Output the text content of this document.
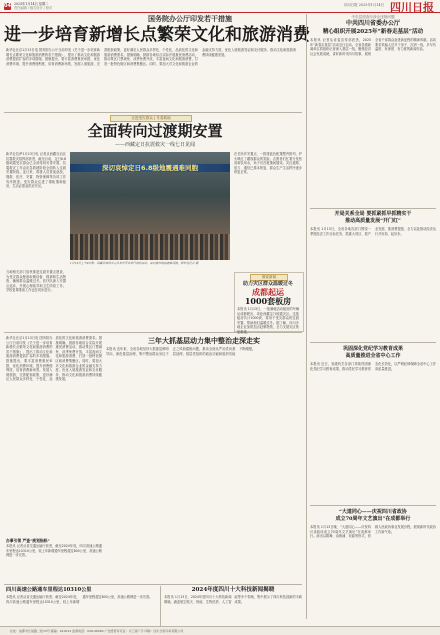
04 2025年1月14日 星期二
责任编辑 / 版式设计 / 校对
四川日报 2025年1月14日 四川日报
国务院办公厅印发若干措施
进一步培育新增长点繁荣文化和旅游消费
新华社北京1月13日电 国务院办公厅日前印发《关于进一步培育新增长点繁荣文化和旅游消费的若干措施》，提出了推动文化和旅游消费提质扩容的多项措施。措施提出，要丰富消费惠民举措，优化消费环境，提升消费便利度，培育消费新场景，发展入境旅游，完善配套政策，更好满足人民群众多样化、个性化、品质化的文化和旅游消费需求。措施明确，鼓励各地结合实际开展惠民消费活动，推动景区门票减免、淡季免费开放，丰富夜间文化和旅游消费，打造一批特色街区和消费集聚区。同时，要加大对文化和旅游企业的金融支持力度，优化入境旅游签证和支付服务，推动文化和旅游消费持续健康发展。
走进受灾群众 | 冬春救助
全面转向过渡期安置
——西藏定日抗震救灾一线七日见闻
新华社拉萨1月13日电 记者从西藏自治区抗震救灾指挥部获悉，截至目前，定日6.8级地震受灾群众已全部得到妥善安置，抗震救灾工作由应急救援阶段全面转入过渡安置阶段。连日来，救援人员昼夜奋战，搜救、医疗、安置、物资保障等各项工作有序推进。受灾群众住进了棉帐篷和板房，生活必需品供应充足。
深切哀悼定日6.8级地震遇难同胞
1月13日上午9时整，西藏日喀则市定日县长所乡举行哀悼活动，深切哀悼地震遇难同胞。新华社记者 摄
在长所乡安置点，一排排蓝色帐篷整齐排列，炉火映红了藏族群众的笑脸。志愿者们忙着分发热食和饮用水，孩子们在帐篷间嬉戏。灾区道路、电力、通信已基本恢复，群众生产生活秩序逐步恢复正常。
当地相关部门加快推进过渡安置点建设，为受灾群众配备取暖设备、棉被和生活物资，确保群众温暖过冬。医疗队深入安置点巡诊，开展心理疏导和卫生防疫工作。学校复课准备工作也在同步进行。
图说新闻
助力灾区群众温暖过冬
成都起运
1000套板房
本报讯 1月13日，一批满载活动板房的车辆从成都驶出，奔赴西藏定日地震灾区。这批板房共计1000套，将用于受灾群众的过渡安置，帮助他们温暖过冬。据了解，四川多地企业加班加点赶制物资，全力支援灾区恢复重建。
中央层面查办涉企违规问题
中共四川省委办公厅
精心组织开展2025年“新春走基层”活动
本报讯 记者从省委宣传部获悉，2025年“新春走基层”活动近日启动。全省各级新闻单位将组织记者深入基层一线，聚焦经济社会发展成就，讲好新时代四川故事，展现全省干部群众奋进新征程的精神风貌。活动要求采编人员扑下身子、沉到一线，多写有温度、有深度、有力度的新闻作品。
开局关系全局 要抓紧抓早抓精实干
推动高质量发展“开门红”
本报讯 1月13日，全省各地各部门围绕一季度经济工作目标任务，抓重大项目、抓产业发展、抓消费提振，全力以赴推动经济运行开好局、起好步。
巩固深化党纪学习教育成果
高质量推进全省中心工作
本报讯 近日，省级机关各部门持续巩固深化党纪学习教育成果，推动党纪学习教育常态化长效化，以严明纪律保障全省中心工作高质量推进。
“大道同心——庆祝四川省政协
成立70周年文艺演出”在成都举行
本报讯 1月13日晚，“大道同心——庆祝四川省政协成立70周年文艺演出”在成都举行。演出以歌舞、诗朗诵、戏曲等形式，回顾人民政协事业发展历程，展现新时代政协工作新气象。
新华社北京1月13日电 国务院办公厅日前印发《关于进一步培育新增长点繁荣文化和旅游消费的若干措施》，提出了推动文化和旅游消费提质扩容的多项措施。措施提出，要丰富消费惠民举措，优化消费环境，提升消费便利度，培育消费新场景，发展入境旅游，完善配套政策，更好满足人民群众多样化、个性化、品质化的文化和旅游消费需求。措施明确，鼓励各地结合实际开展惠民消费活动，推动景区门票减免、淡季免费开放，丰富夜间文化和旅游消费，打造一批特色街区和消费集聚区。同时，要加大对文化和旅游企业的金融支持力度，优化入境旅游签证和支付服务，推动文化和旅游消费持续健康发展。
办事引领 严查“规划指标”
本报讯 记者从省交通运输厅获悉，截至2024年底，四川高速公路通车里程达10310公里，较上年新增通车里程超过800公里，高速公路网进一步完善。
三年大抓基层动力集中整治走深走实
本报讯 近年来，全省各地坚持大抓基层鲜明导向，深化基层治理，集中整治群众身边不正之风和腐败问题，推动全面从严治党向基层延伸，基层党组织的政治功能和组织功能不断增强。
四川高速公路通车里程达10310公里
本报讯 记者从省交通运输厅获悉，截至2024年底，四川高速公路通车里程达10310公里，较上年新增通车里程超过800公里，高速公路网进一步完善。
2024年度四川十大科技新闻揭晓
本报讯 1月13日，2024年度四川十大科技新闻揭晓。涵盖航空航天、核能、生物医药、人工智能等多个领域，集中展示了四川科技创新的丰硕成果。
社址：成都市红星路二段70号 邮编：610012 监督电话：028-96060 广告经营许可证：川工商广字 印刷：四川日报印务有限公司
